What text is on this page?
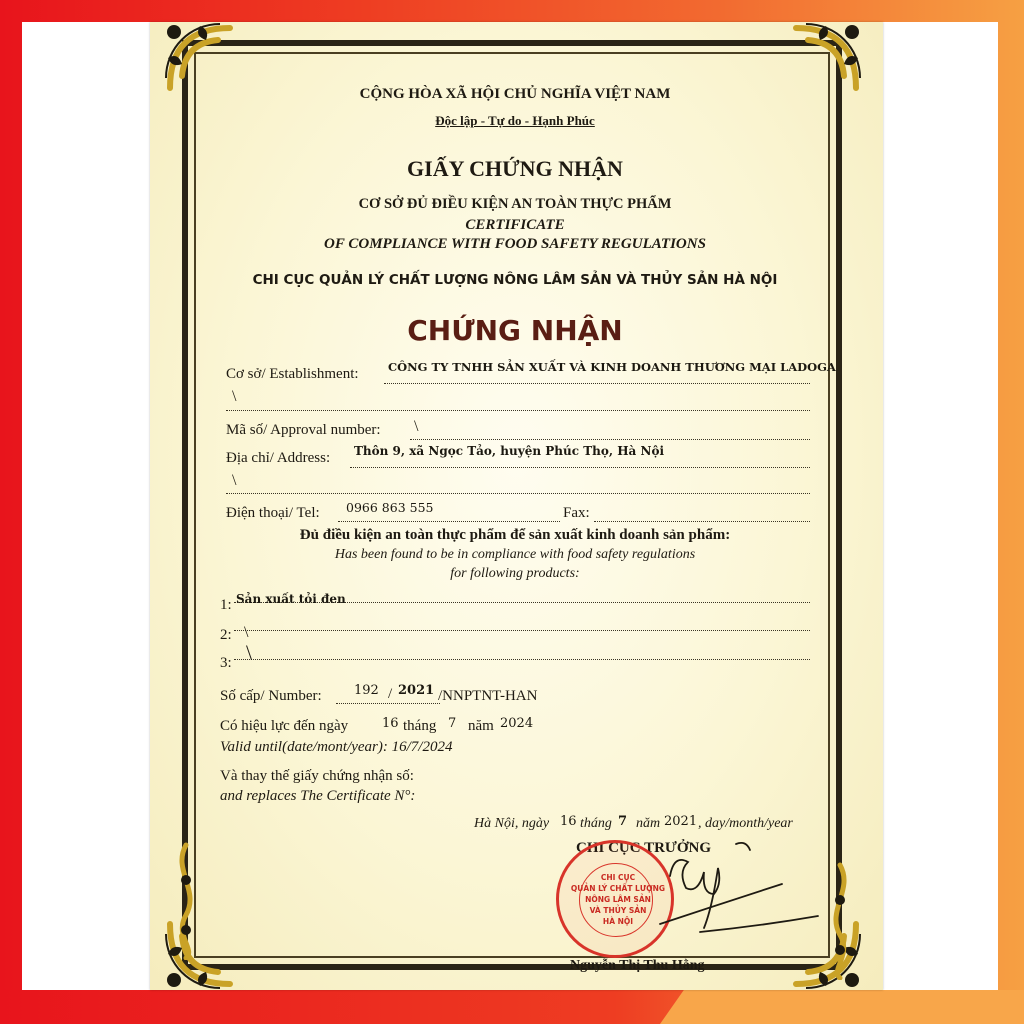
CỘNG HÒA XÃ HỘI CHỦ NGHĨA VIỆT NAM
Độc lập - Tự do - Hạnh Phúc
GIẤY CHỨNG NHẬN
CƠ SỞ ĐỦ ĐIỀU KIỆN AN TOÀN THỰC PHẨM
CERTIFICATE
OF COMPLIANCE WITH FOOD SAFETY REGULATIONS
CHI CỤC QUẢN LÝ CHẤT LƯỢNG NÔNG LÂM SẢN VÀ THỦY SẢN HÀ NỘI
CHỨNG NHẬN
Cơ sở/ Establishment:	CÔNG TY TNHH SẢN XUẤT VÀ KINH DOANH THƯƠNG MẠI LADOGA
\
Mã số/ Approval number: \
Địa chỉ/ Address: Thôn 9, xã Ngọc Tảo, huyện Phúc Thọ, Hà Nội
\
Điện thoại/ Tel: 0966 863 555	Fax:
Đủ điều kiện an toàn thực phẩm để sản xuất kinh doanh sản phẩm:
Has been found to be in compliance with food safety regulations
for following products:
1: Sản xuất tỏi đen
2: \
3: \
Số cấp/ Number: 192 / 2021 /NNPTNT-HAN
Có hiệu lực đến ngày	16 tháng 7 năm 2024
Valid until(date/mont/year): 16/7/2024
Và thay thế giấy chứng nhận số:
and replaces The Certificate N°:
Hà Nội, ngày 16 tháng 7 năm 2021 , day/month/year
CHI CỤC TRƯỞNG
CHI CỤC
QUẢN LÝ CHẤT LƯỢNG
NÔNG LÂM SẢN
VÀ THỦY SẢN
HÀ NỘI
Nguyễn Thị Thu Hằng
